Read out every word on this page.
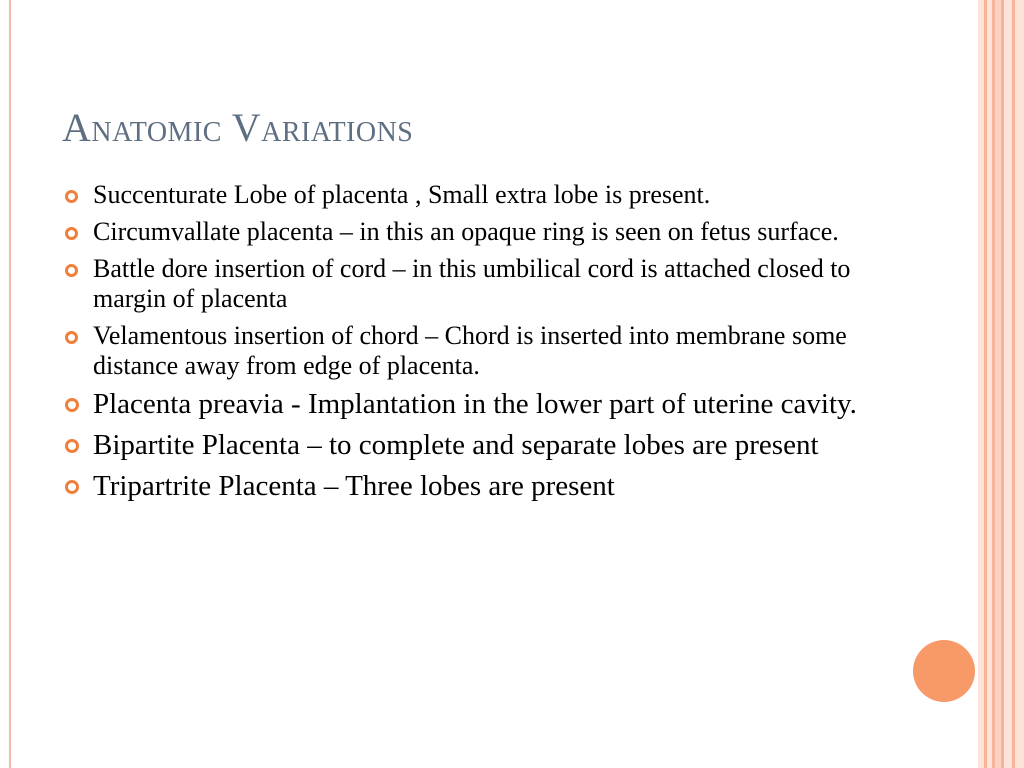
Anatomic Variations
Succenturate Lobe of placenta , Small extra lobe is present.
Circumvallate placenta – in this an opaque ring is seen on fetus surface.
Battle dore insertion of cord – in this umbilical cord is attached closed to margin of placenta
Velamentous insertion of chord – Chord is inserted into membrane some distance away from edge of placenta.
Placenta preavia - Implantation in the lower part of uterine cavity.
Bipartite Placenta – to complete and separate lobes are present
Tripartrite Placenta – Three lobes are present
